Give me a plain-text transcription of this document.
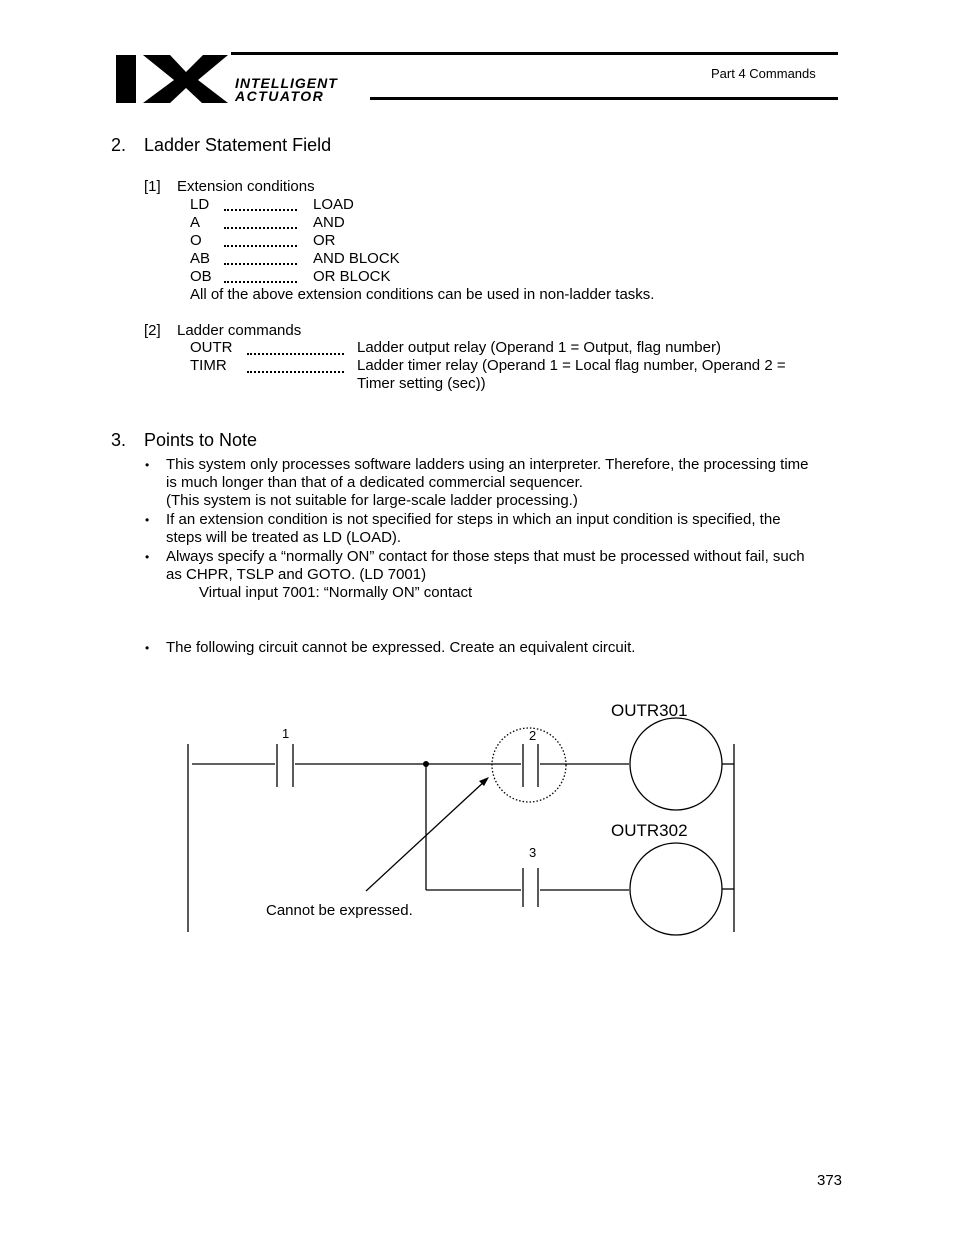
INTELLIGENT
ACTUATOR
Part 4 Commands
2. Ladder Statement Field
[1] Extension conditions
LD	LOAD
A	AND
O	OR
AB	AND BLOCK
OB	OR BLOCK
All of the above extension conditions can be used in non-ladder tasks.
[2] Ladder commands
OUTR	Ladder output relay (Operand 1 = Output, flag number)
TIMR	Ladder timer relay (Operand 1 = Local flag number, Operand 2 =
Timer setting (sec))
3. Points to Note
• This system only processes software ladders using an interpreter. Therefore, the processing time
is much longer than that of a dedicated commercial sequencer.
(This system is not suitable for large-scale ladder processing.)
• If an extension condition is not specified for steps in which an input condition is specified, the
steps will be treated as LD (LOAD).
• Always specify a “normally ON” contact for those steps that must be processed without fail, such
as CHPR, TSLP and GOTO. (LD 7001)
Virtual input 7001: “Normally ON” contact
• The following circuit cannot be expressed. Create an equivalent circuit.
1	2
3
OUTR301
OUTR302
Cannot be expressed.
373
